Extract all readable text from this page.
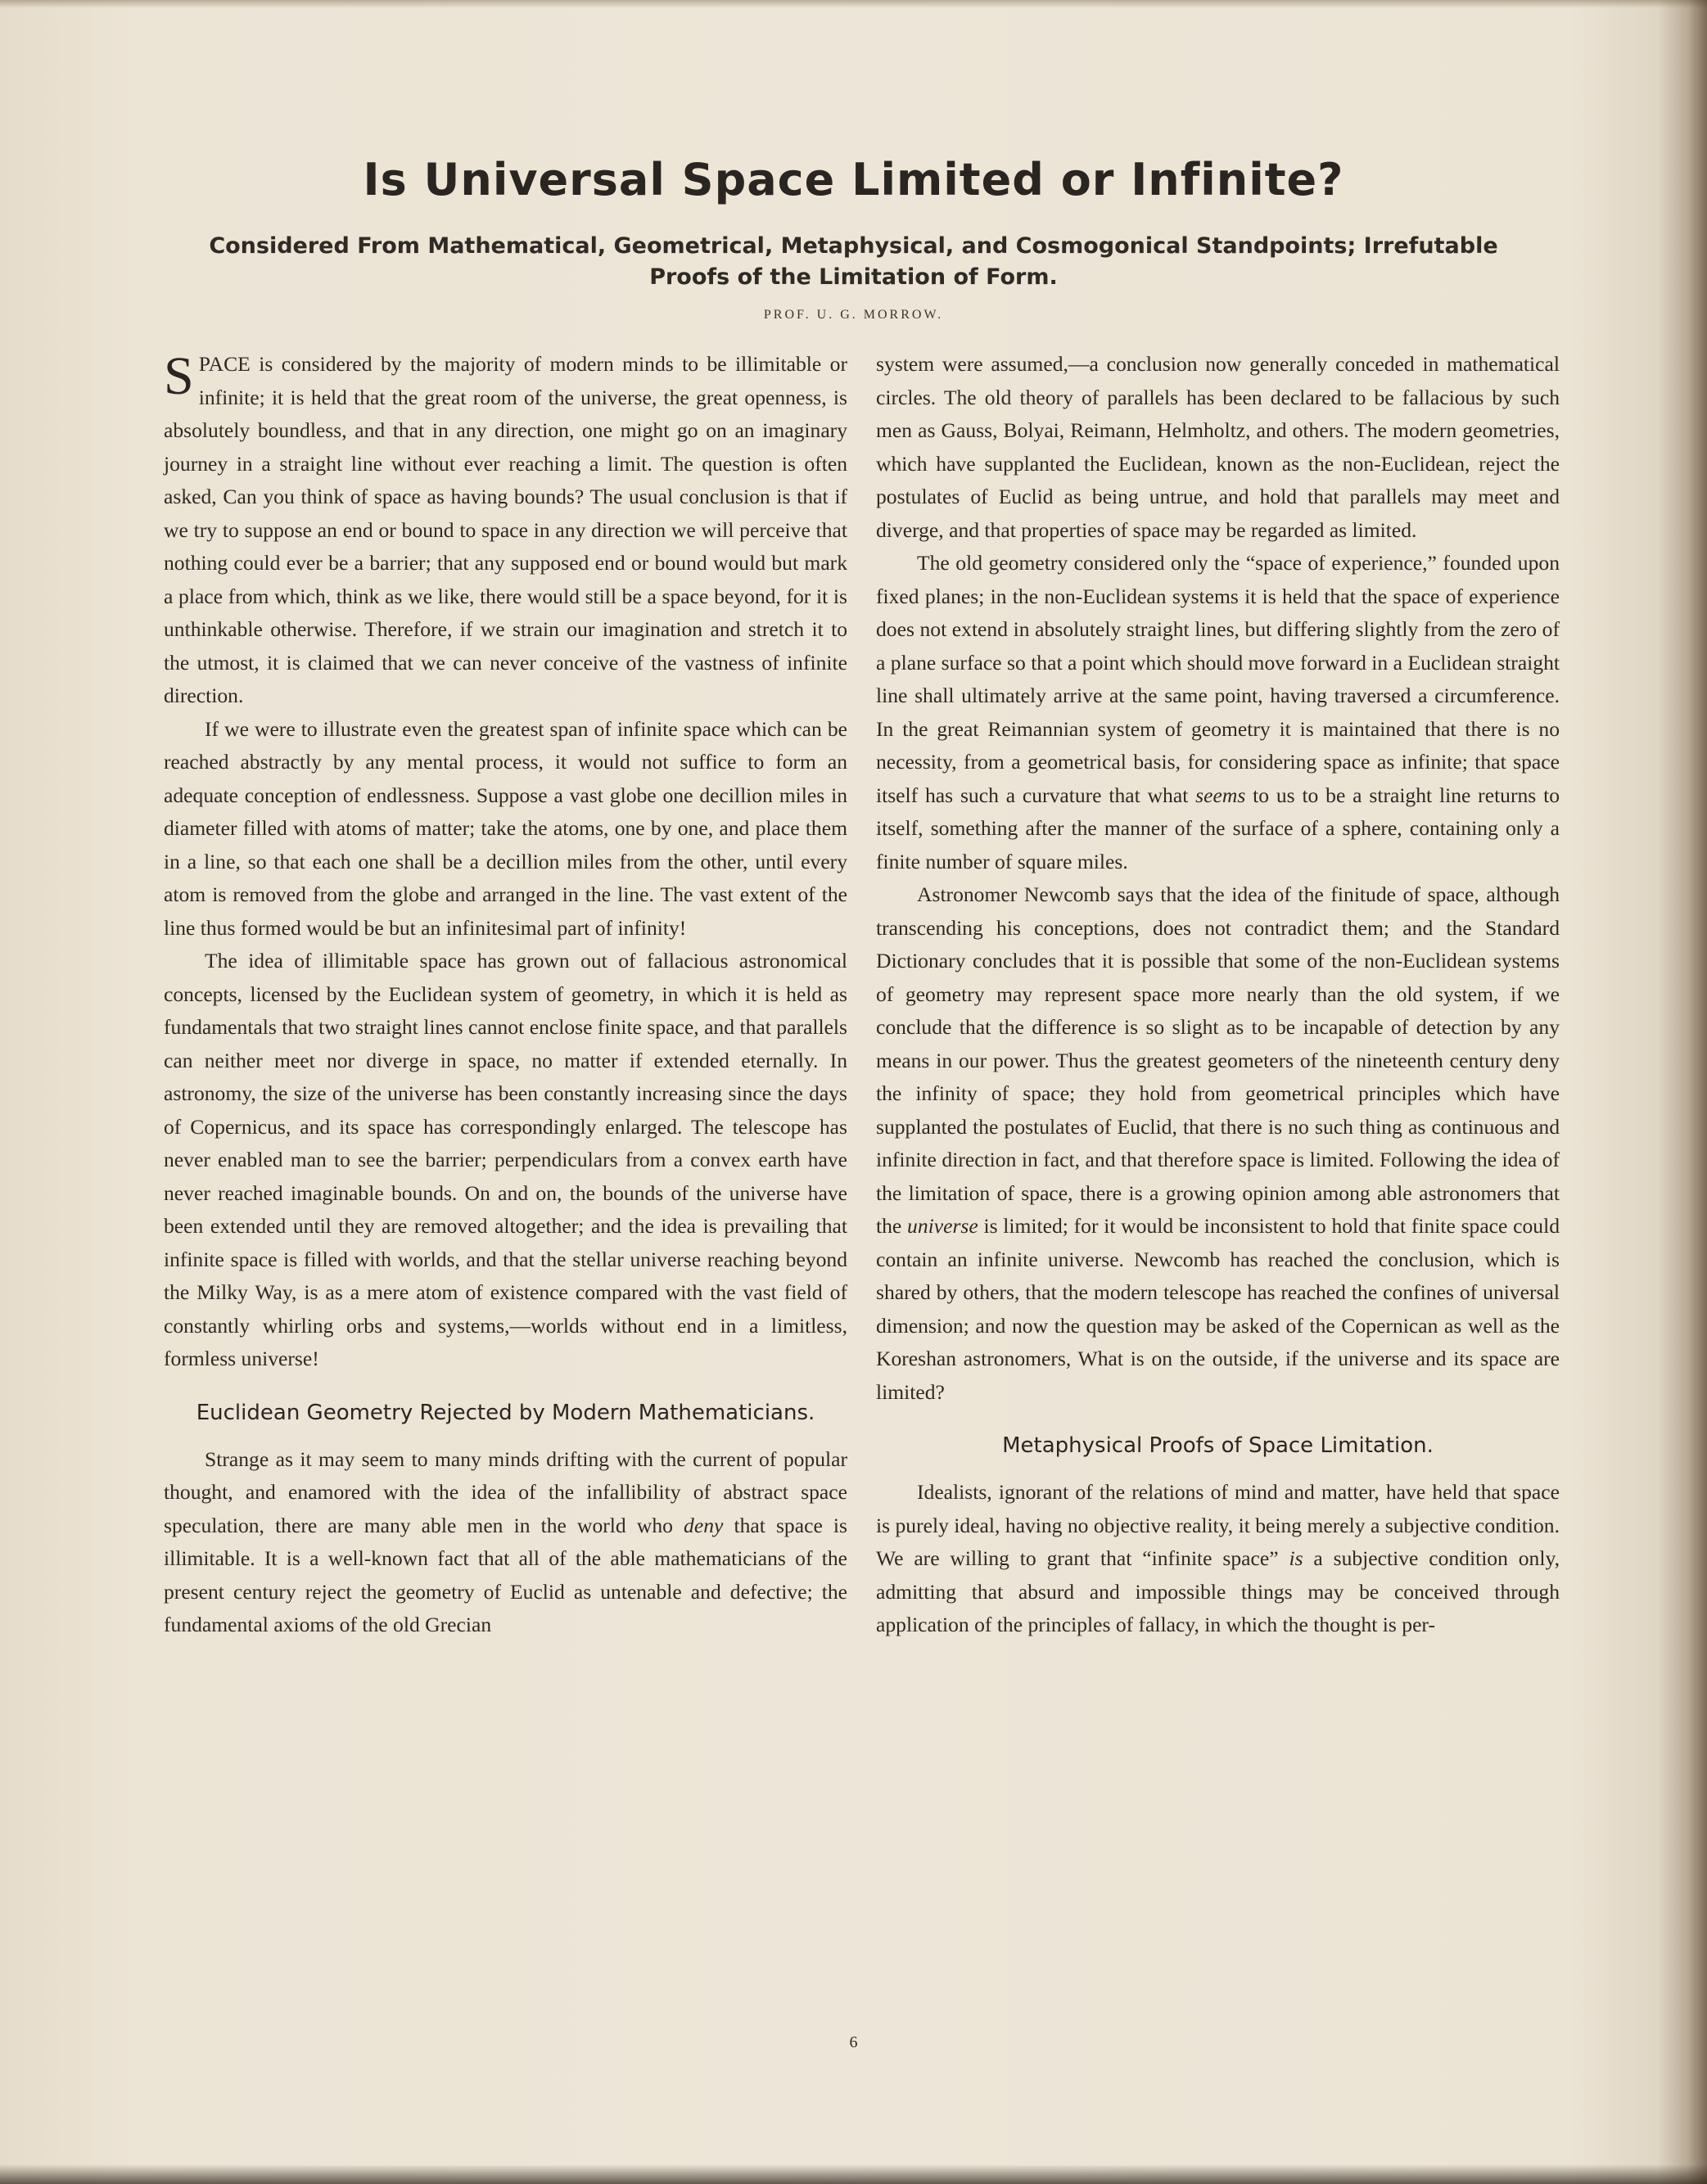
Is Universal Space Limited or Infinite?
Considered From Mathematical, Geometrical, Metaphysical, and Cosmogonical Standpoints; Irrefutable Proofs of the Limitation of Form.
PROF. U. G. MORROW.

SPACE is considered by the majority of modern minds to be illimitable or infinite; it is held that the great room of the universe, the great openness, is absolutely boundless, and that in any direction, one might go on an imaginary journey in a straight line without ever reaching a limit. The question is often asked, Can you think of space as having bounds? The usual conclusion is that if we try to suppose an end or bound to space in any direction we will perceive that nothing could ever be a barrier; that any supposed end or bound would but mark a place from which, think as we like, there would still be a space beyond, for it is unthinkable otherwise. Therefore, if we strain our imagination and stretch it to the utmost, it is claimed that we can never conceive of the vastness of infinite direction.

If we were to illustrate even the greatest span of infinite space which can be reached abstractly by any mental process, it would not suffice to form an adequate conception of endlessness. Suppose a vast globe one decillion miles in diameter filled with atoms of matter; take the atoms, one by one, and place them in a line, so that each one shall be a decillion miles from the other, until every atom is removed from the globe and arranged in the line. The vast extent of the line thus formed would be but an infinitesimal part of infinity!

The idea of illimitable space has grown out of fallacious astronomical concepts, licensed by the Euclidean system of geometry, in which it is held as fundamentals that two straight lines cannot enclose finite space, and that parallels can neither meet nor diverge in space, no matter if extended eternally. In astronomy, the size of the universe has been constantly increasing since the days of Copernicus, and its space has correspondingly enlarged. The telescope has never enabled man to see the barrier; perpendiculars from a convex earth have never reached imaginable bounds. On and on, the bounds of the universe have been extended until they are removed altogether; and the idea is prevailing that infinite space is filled with worlds, and that the stellar universe reaching beyond the Milky Way, is as a mere atom of existence compared with the vast field of constantly whirling orbs and systems,—worlds without end in a limitless, formless universe!

Euclidean Geometry Rejected by Modern Mathematicians.

Strange as it may seem to many minds drifting with the current of popular thought, and enamored with the idea of the infallibility of abstract space speculation, there are many able men in the world who deny that space is illimitable. It is a well-known fact that all of the able mathematicians of the present century reject the geometry of Euclid as untenable and defective; the fundamental axioms of the old Grecian

system were assumed,—a conclusion now generally conceded in mathematical circles. The old theory of parallels has been declared to be fallacious by such men as Gauss, Bolyai, Reimann, Helmholtz, and others. The modern geometries, which have supplanted the Euclidean, known as the non-Euclidean, reject the postulates of Euclid as being untrue, and hold that parallels may meet and diverge, and that properties of space may be regarded as limited.

The old geometry considered only the “space of experience,” founded upon fixed planes; in the non-Euclidean systems it is held that the space of experience does not extend in absolutely straight lines, but differing slightly from the zero of a plane surface so that a point which should move forward in a Euclidean straight line shall ultimately arrive at the same point, having traversed a circumference. In the great Reimannian system of geometry it is maintained that there is no necessity, from a geometrical basis, for considering space as infinite; that space itself has such a curvature that what seems to us to be a straight line returns to itself, something after the manner of the surface of a sphere, containing only a finite number of square miles.

Astronomer Newcomb says that the idea of the finitude of space, although transcending his conceptions, does not contradict them; and the Standard Dictionary concludes that it is possible that some of the non-Euclidean systems of geometry may represent space more nearly than the old system, if we conclude that the difference is so slight as to be incapable of detection by any means in our power. Thus the greatest geometers of the nineteenth century deny the infinity of space; they hold from geometrical principles which have supplanted the postulates of Euclid, that there is no such thing as continuous and infinite direction in fact, and that therefore space is limited. Following the idea of the limitation of space, there is a growing opinion among able astronomers that the universe is limited; for it would be inconsistent to hold that finite space could contain an infinite universe. Newcomb has reached the conclusion, which is shared by others, that the modern telescope has reached the confines of universal dimension; and now the question may be asked of the Copernican as well as the Koreshan astronomers, What is on the outside, if the universe and its space are limited?

Metaphysical Proofs of Space Limitation.

Idealists, ignorant of the relations of mind and matter, have held that space is purely ideal, having no objective reality, it being merely a subjective condition. We are willing to grant that “infinite space” is a subjective condition only, admitting that absurd and impossible things may be conceived through application of the principles of fallacy, in which the thought is per-

6
